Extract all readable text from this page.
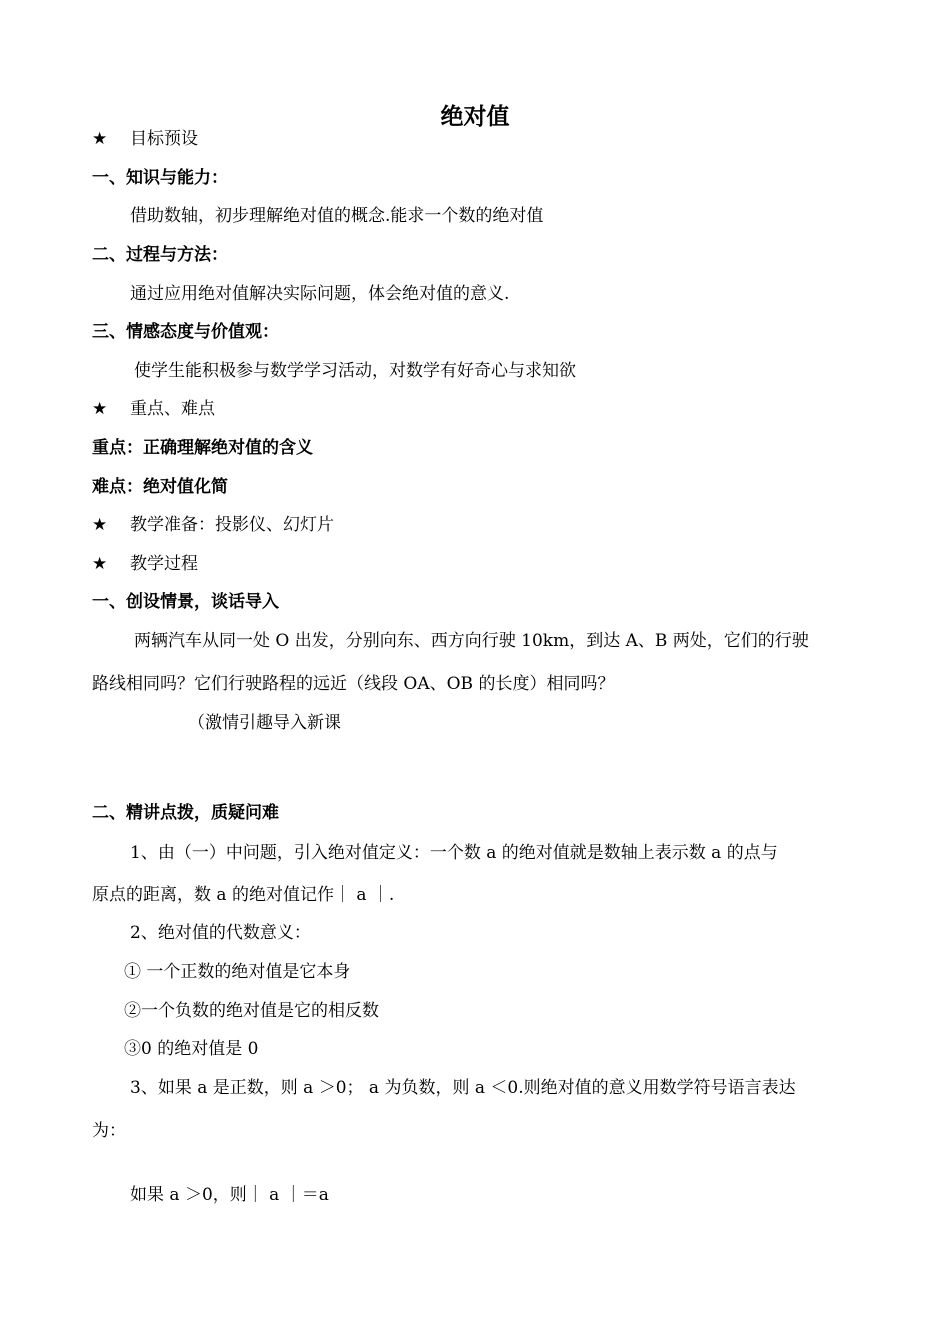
绝对值
★ 目标预设
一、知识与能力：
借助数轴，初步理解绝对值的概念.能求一个数的绝对值
二、过程与方法：
通过应用绝对值解决实际问题，体会绝对值的意义.
三、情感态度与价值观：
使学生能积极参与数学学习活动，对数学有好奇心与求知欲
★ 重点、难点
重点：正确理解绝对值的含义
难点：绝对值化简
★ 教学准备：投影仪、幻灯片
★ 教学过程
一、创设情景，谈话导入
两辆汽车从同一处 O 出发，分别向东、西方向行驶 10km，到达 A、B 两处，它们的行驶
路线相同吗？它们行驶路程的远近（线段 OA、OB 的长度）相同吗？
（激情引趣导入新课
二、精讲点拨，质疑问难
1、由（一）中问题，引入绝对值定义：一个数 a 的绝对值就是数轴上表示数 a 的点与
原点的距离，数 a 的绝对值记作｜ a ｜.
2、绝对值的代数意义：
① 一个正数的绝对值是它本身
②一个负数的绝对值是它的相反数
③0 的绝对值是 0
3、如果 a 是正数，则 a ＞0； a 为负数，则 a ＜0.则绝对值的意义用数学符号语言表达
为：
如果 a ＞0，则｜ a ｜＝a
